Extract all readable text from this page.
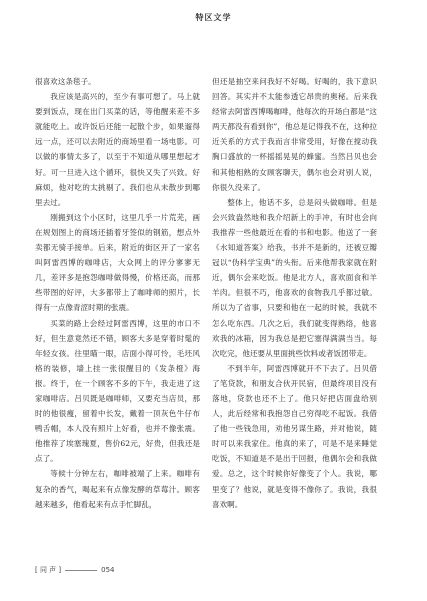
特区文学

很喜欢这条毯子。

我应该是高兴的，至少有事可想了。马上就要到饭点，现在出门买菜的话，等他醒来差不多就能吃上。或许饭后还能一起散个步，如果遛得远一点，还可以去附近的商场里看一场电影。可以做的事情太多了，以至于不知道从哪里想起才好。可一旦进入这个循环，很快又失了兴致。好麻烦，他对吃的太挑剔了。我们也从未散步到哪里去过。

刚搬到这个小区时，这里几乎一片荒芜，画在规划图上的商场还插着牙签似的钢筋，想点外卖都无骑手接单。后来，附近的街区开了一家名叫阿雷西博的咖啡店，大众网上的评分寥寥无几，差评多是抱怨咖啡做得慢，价格还高，而那些带图的好评，大多都带上了咖啡师的照片，长得有一点像青涩时期的张震。

买菜的路上会经过阿雷西博，这里的市口不好，但生意竟然还不错，顾客大多是穿着时髦的年轻女孩。往里瞄一眼，店面小得可怜，毛坯风格的装修，墙上挂一张很醒目的《发条橙》海报。终于，在一个顾客不多的下午，我走进了这家咖啡店。吕贝既是咖啡师，又要充当店员，那时的他很瘦，留着中长发，戴着一顶灰色牛仔布鸭舌帽，本人没有照片上好看，也并不像张震。他推荐了埃塞瑰夏，售价62元，好贵，但我还是点了。

等候十分钟左右，咖啡被端了上来。咖啡有复杂的香气，喝起来有点像发酵的草莓汁。顾客越来越多，他看起来有点手忙脚乱，

但还是抽空来问我好不好喝。好喝的，我下意识回答。其实并不太能参透它昂贵的奥秘。后来我经常去阿雷西博喝咖啡，他每次的开场白都是“这两天都没有看到你”，他总是记得我不在，这种拉近关系的方式于我而言非常受用，好像在搅动我胸口盛放的一杯摇摇晃晃的蜂蜜。当然吕贝也会和其他相熟的女顾客聊天，偶尔也会对别人说，你很久没来了。

整体上，他话不多，总是闷头做咖啡。但是会兴致盎然地和我介绍新上的手冲，有时也会向我推荐一些他最近在看的书和电影。他送了一套《水知道答案》给我，书并不是新的，还被豆瓣冠以“伪科学宝典”的头衔。后来他帮我家就在附近，偶尔会来吃饭。他是北方人，喜欢面食和羊羊肉。但很不巧，他喜欢的食物我几乎都过敏。所以为了省事，只要和他在一起的时候，我就不怎么吃东西。几次之后，我们就变得熟络，他喜欢我的冰箱，因为我总是把它塞得满满当当。每次吃完，他还要从里面挑些饮料或者饭团带走。

不到半年，阿雷西博就开不下去了。吕贝借了笔贷款，和朋友合伙开民宿，但最终项目没有落地，贷款也还不上了。他只好把店面盘给别人，此后经常和我抱怨自己穷得吃不起饭。我借了他一些钱急用，劝他另谋生路，并对他说，随时可以来我家住。他真的来了，可是不是来睡觉吃饭，不知道是不是出于回报，他偶尔会和我做爱。总之，这个时候你好像变了个人。我说，哪里变了？他说，就是变得不像你了。我说，我很喜欢啊。

[ 同 声 ]	054
